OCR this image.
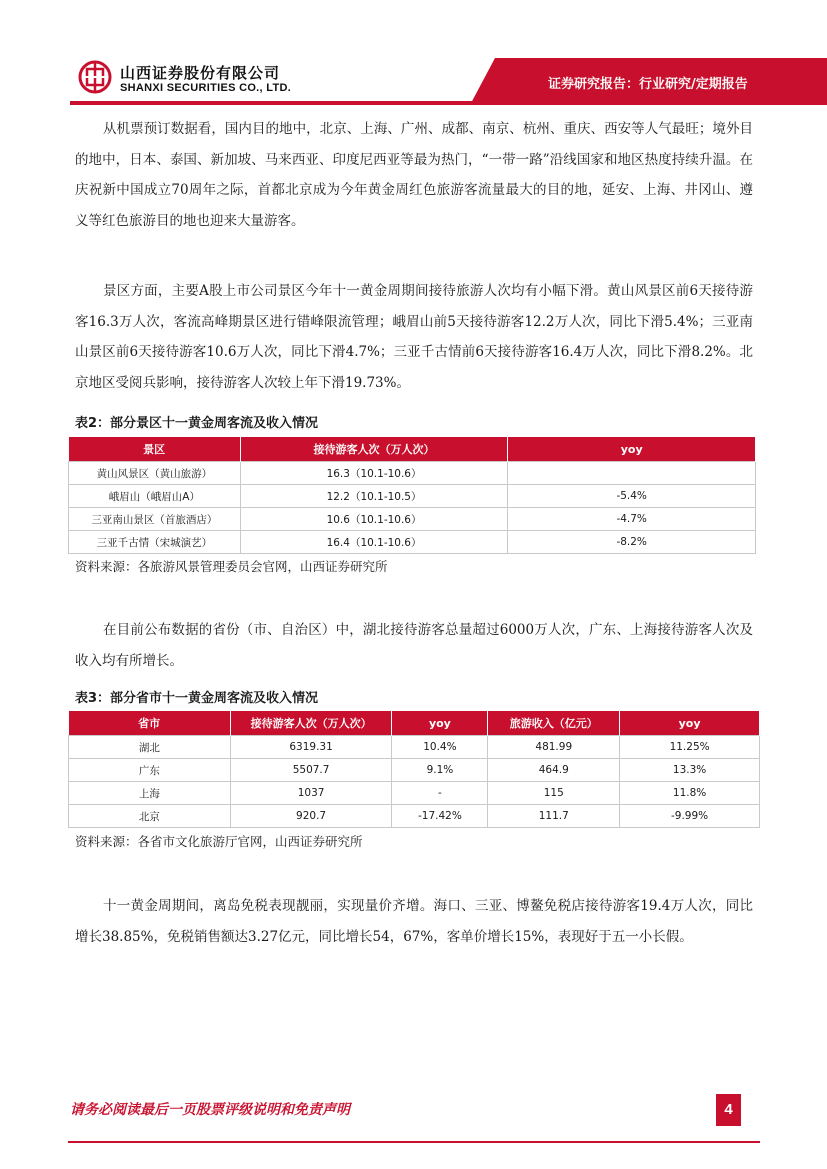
山西证券股份有限公司
SHANXI SECURITIES CO., LTD.	证券研究报告：行业研究/定期报告

从机票预订数据看，国内目的地中，北京、上海、广州、成都、南京、杭州、重庆、西安等人气最旺；境外目的地中，日本、泰国、新加坡、马来西亚、印度尼西亚等最为热门，“一带一路”沿线国家和地区热度持续升温。在庆祝新中国成立70周年之际，首都北京成为今年黄金周红色旅游客流量最大的目的地，延安、上海、井冈山、遵义等红色旅游目的地也迎来大量游客。

景区方面，主要A股上市公司景区今年十一黄金周期间接待旅游人次均有小幅下滑。黄山风景区前6天接待游客16.3万人次，客流高峰期景区进行错峰限流管理；峨眉山前5天接待游客12.2万人次，同比下滑5.4%；三亚南山景区前6天接待游客10.6万人次，同比下滑4.7%；三亚千古情前6天接待游客16.4万人次，同比下滑8.2%。北京地区受阅兵影响，接待游客人次较上年下滑19.73%。

表2：部分景区十一黄金周客流及收入情况
景区	接待游客人次（万人次）	yoy
黄山风景区（黄山旅游）	16.3（10.1-10.6）	
峨眉山（峨眉山A）	12.2（10.1-10.5）	-5.4%
三亚南山景区（首旅酒店）	10.6（10.1-10.6）	-4.7%
三亚千古情（宋城演艺）	16.4（10.1-10.6）	-8.2%
资料来源：各旅游风景管理委员会官网，山西证券研究所

在目前公布数据的省份（市、自治区）中，湖北接待游客总量超过6000万人次，广东、上海接待游客人次及收入均有所增长。

表3：部分省市十一黄金周客流及收入情况
省市	接待游客人次（万人次）	yoy	旅游收入（亿元）	yoy
湖北	6319.31	10.4%	481.99	11.25%
广东	5507.7	9.1%	464.9	13.3%
上海	1037	-	115	11.8%
北京	920.7	-17.42%	111.7	-9.99%
资料来源：各省市文化旅游厅官网，山西证券研究所

十一黄金周期间，离岛免税表现靓丽，实现量价齐增。海口、三亚、博鳌免税店接待游客19.4万人次，同比增长38.85%，免税销售额达3.27亿元，同比增长54，67%，客单价增长15%，表现好于五一小长假。

请务必阅读最后一页股票评级说明和免责声明	4
